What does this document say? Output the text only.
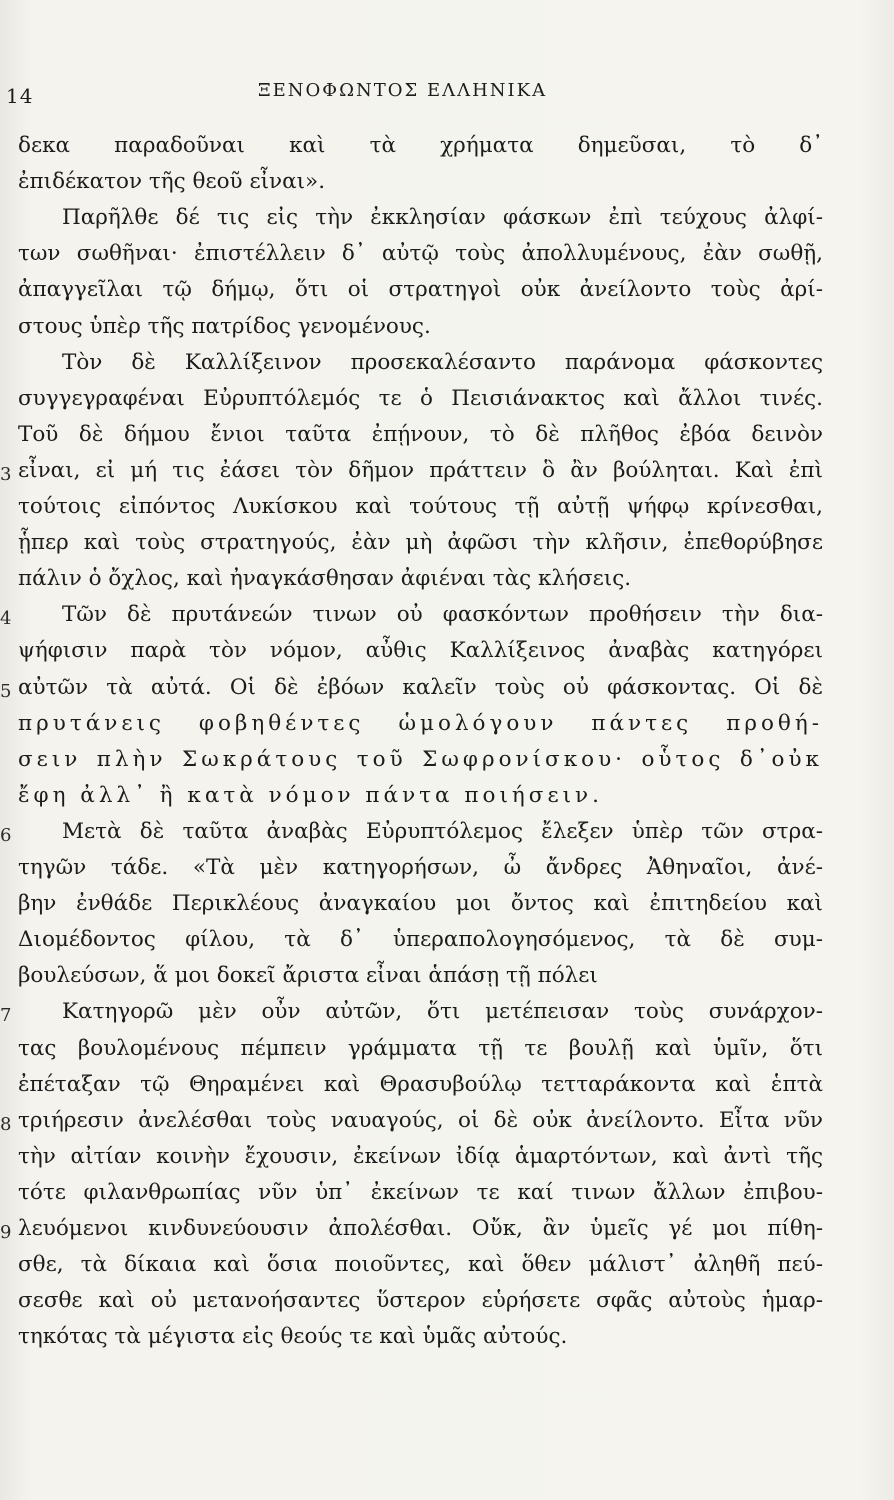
14	ΞΕΝΟΦΩΝΤΟΣ ΕΛΛΗΝΙΚΑ
δεκα παραδοῦναι καὶ τὰ χρήματα δημεῦσαι, τὸ δ᾽
ἐπιδέκατον τῆς θεοῦ εἶναι».
Παρῆλθε δέ τις εἰς τὴν ἐκκλησίαν φάσκων ἐπὶ τεύχους ἀλφί-
των σωθῆναι· ἐπιστέλλειν δ᾽ αὐτῷ τοὺς ἀπολλυμένους, ἐὰν σωθῇ,
ἀπαγγεῖλαι τῷ δήμῳ, ὅτι οἱ στρατηγοὶ οὐκ ἀνείλοντο τοὺς ἀρί-
στους ὑπὲρ τῆς πατρίδος γενομένους.
Τὸν δὲ Καλλίξεινον προσεκαλέσαντο παράνομα φάσκοντες
συγγεγραφέναι Εὐρυπτόλεμός τε ὁ Πεισιάνακτος καὶ ἄλλοι τινές.
Τοῦ δὲ δήμου ἔνιοι ταῦτα ἐπῄνουν, τὸ δὲ πλῆθος ἐβόα δεινὸν
εἶναι, εἰ μή τις ἐάσει τὸν δῆμον πράττειν ὃ ἂν βούληται. Καὶ ἐπὶ
τούτοις εἰπόντος Λυκίσκου καὶ τούτους τῇ αὐτῇ ψήφῳ κρίνεσθαι,
ᾗπερ καὶ τοὺς στρατηγούς, ἐὰν μὴ ἀφῶσι τὴν κλῆσιν, ἐπεθορύβησε
πάλιν ὁ ὄχλος, καὶ ἠναγκάσθησαν ἀφιέναι τὰς κλήσεις.
Τῶν δὲ πρυτάνεών τινων οὐ φασκόντων προθήσειν τὴν δια-
ψήφισιν παρὰ τὸν νόμον, αὖθις Καλλίξεινος ἀναβὰς κατηγόρει
αὐτῶν τὰ αὐτά. Οἱ δὲ ἐβόων καλεῖν τοὺς οὐ φάσκοντας. Οἱ δὲ
πρυτάνεις φοβηθέντες ὡμολόγουν πάντες προθή-
σειν πλὴν Σωκράτους τοῦ Σωφρονίσκου· οὗτος δ᾽οὐκ
ἔφη ἀλλ᾽ ἢ κατὰ νόμον πάντα ποιήσειν.
Μετὰ δὲ ταῦτα ἀναβὰς Εὐρυπτόλεμος ἔλεξεν ὑπὲρ τῶν στρα-
τηγῶν τάδε. «Τὰ μὲν κατηγορήσων, ὦ ἄνδρες Ἀθηναῖοι, ἀνέ-
βην ἐνθάδε Περικλέους ἀναγκαίου μοι ὄντος καὶ ἐπιτηδείου καὶ
Διομέδοντος φίλου, τὰ δ᾽ ὑπεραπολογησόμενος, τὰ δὲ συμ-
βουλεύσων, ἅ μοι δοκεῖ ἄριστα εἶναι ἁπάσῃ τῇ πόλει
Κατηγορῶ μὲν οὖν αὐτῶν, ὅτι μετέπεισαν τοὺς συνάρχον-
τας βουλομένους πέμπειν γράμματα τῇ τε βουλῇ καὶ ὑμῖν, ὅτι
ἐπέταξαν τῷ Θηραμένει καὶ Θρασυβούλῳ τετταράκοντα καὶ ἑπτὰ
τριήρεσιν ἀνελέσθαι τοὺς ναυαγούς, οἱ δὲ οὐκ ἀνείλοντο. Εἶτα νῦν
τὴν αἰτίαν κοινὴν ἔχουσιν, ἐκείνων ἰδίᾳ ἁμαρτόντων, καὶ ἀντὶ τῆς
τότε φιλανθρωπίας νῦν ὑπ᾽ ἐκείνων τε καί τινων ἄλλων ἐπιβου-
λευόμενοι κινδυνεύουσιν ἀπολέσθαι. Οὔκ, ἂν ὑμεῖς γέ μοι πίθη-
σθε, τὰ δίκαια καὶ ὅσια ποιοῦντες, καὶ ὅθεν μάλιστ᾽ ἀληθῆ πεύ-
σεσθε καὶ οὐ μετανοήσαντες ὕστερον εὑρήσετε σφᾶς αὐτοὺς ἡμαρ-
τηκότας τὰ μέγιστα εἰς θεούς τε καὶ ὑμᾶς αὐτούς.
3
4
5
6
7
8
9
